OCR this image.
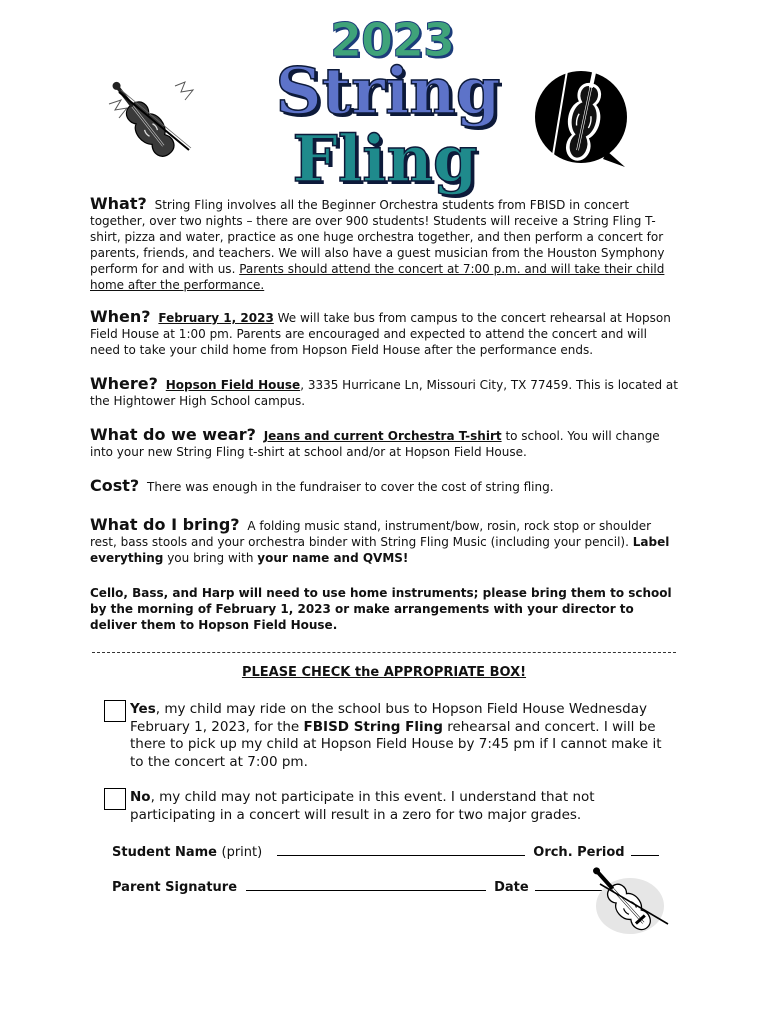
2023
String
Fling
What? String Fling involves all the Beginner Orchestra students from FBISD in concert together, over two nights – there are over 900 students! Students will receive a String Fling T-shirt, pizza and water, practice as one huge orchestra together, and then perform a concert for parents, friends, and teachers. We will also have a guest musician from the Houston Symphony perform for and with us. Parents should attend the concert at 7:00 p.m. and will take their child home after the performance.
When? February 1, 2023 We will take bus from campus to the concert rehearsal at Hopson Field House at 1:00 pm. Parents are encouraged and expected to attend the concert and will need to take your child home from Hopson Field House after the performance ends.
Where? Hopson Field House, 3335 Hurricane Ln, Missouri City, TX 77459. This is located at the Hightower High School campus.
What do we wear? Jeans and current Orchestra T-shirt to school. You will change into your new String Fling t-shirt at school and/or at Hopson Field House.
Cost? There was enough in the fundraiser to cover the cost of string fling.
What do I bring? A folding music stand, instrument/bow, rosin, rock stop or shoulder rest, bass stools and your orchestra binder with String Fling Music (including your pencil). Label everything you bring with your name and QVMS!
Cello, Bass, and Harp will need to use home instruments; please bring them to school by the morning of February 1, 2023 or make arrangements with your director to deliver them to Hopson Field House.
PLEASE CHECK the APPROPRIATE BOX!
Yes, my child may ride on the school bus to Hopson Field House Wednesday February 1, 2023, for the FBISD String Fling rehearsal and concert. I will be there to pick up my child at Hopson Field House by 7:45 pm if I cannot make it to the concert at 7:00 pm.
No, my child may not participate in this event. I understand that not participating in a concert will result in a zero for two major grades.
Student Name (print)	Orch. Period
Parent Signature	Date
